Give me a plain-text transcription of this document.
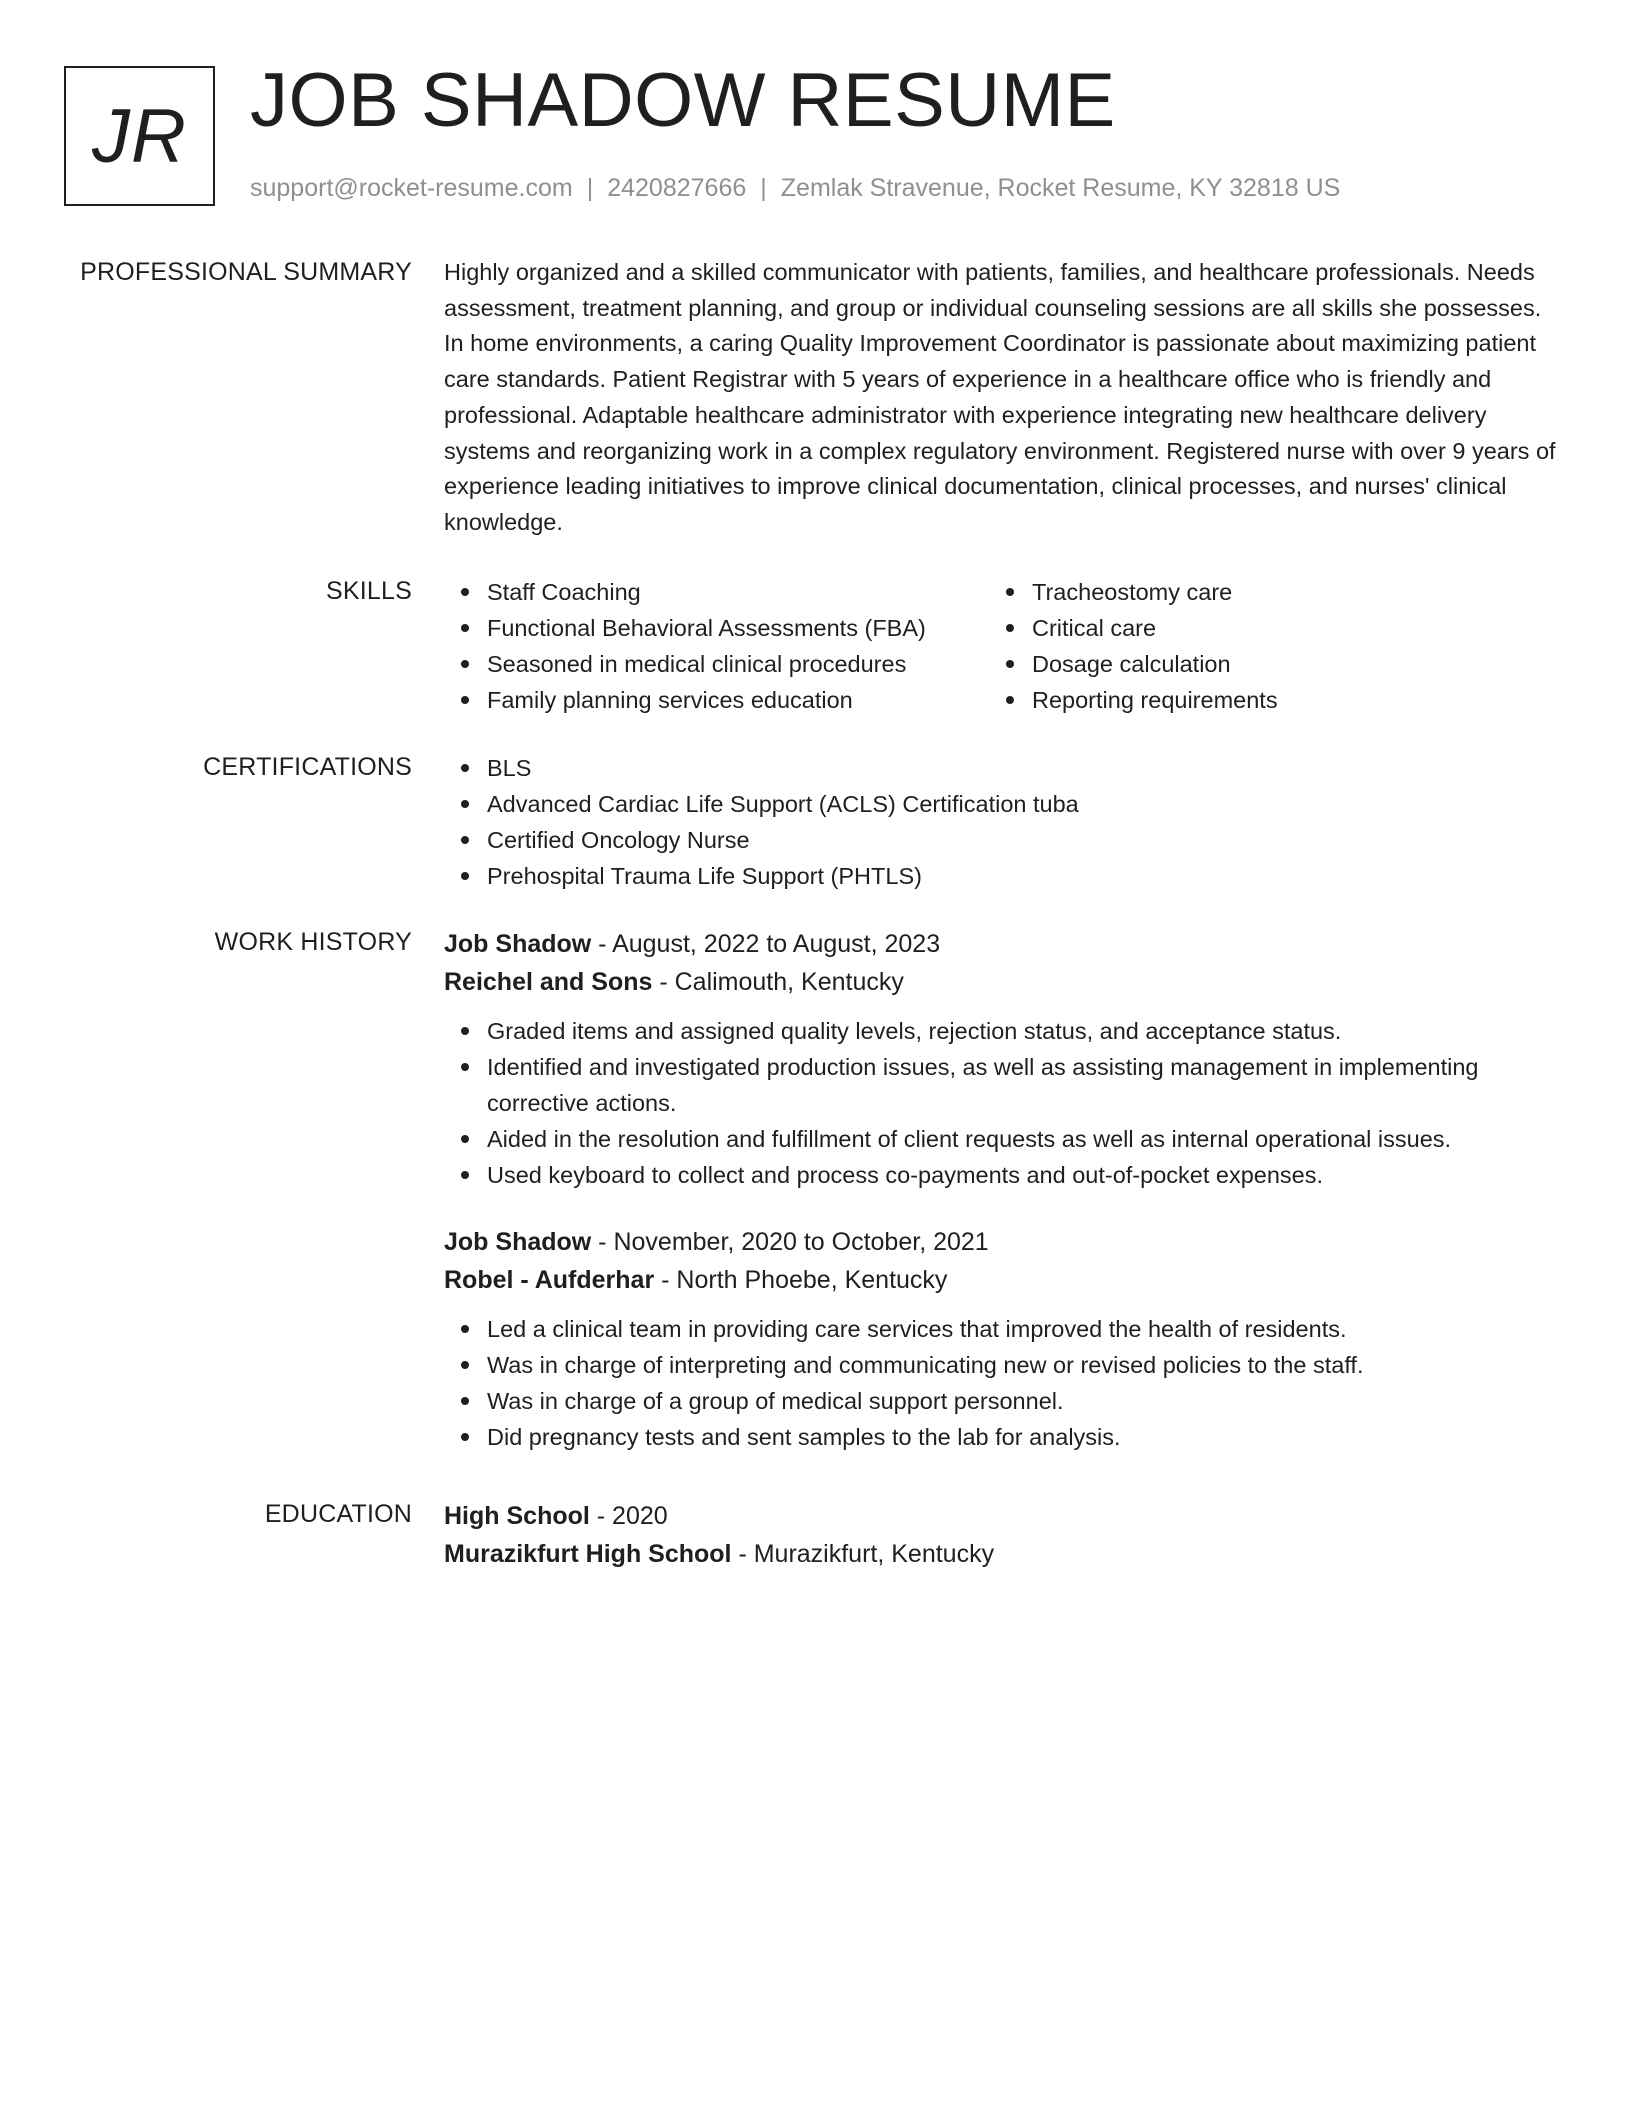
JR JOB SHADOW RESUME
support@rocket-resume.com | 2420827666 | Zemlak Stravenue, Rocket Resume, KY 32818 US
PROFESSIONAL SUMMARY Highly organized and a skilled communicator with patients, families, and healthcare professionals. Needs assessment, treatment planning, and group or individual counseling sessions are all skills she possesses. In home environments, a caring Quality Improvement Coordinator is passionate about maximizing patient care standards. Patient Registrar with 5 years of experience in a healthcare office who is friendly and professional. Adaptable healthcare administrator with experience integrating new healthcare delivery systems and reorganizing work in a complex regulatory environment. Registered nurse with over 9 years of experience leading initiatives to improve clinical documentation, clinical processes, and nurses' clinical knowledge.

SKILLS	Staff Coaching
Functional Behavioral Assessments (FBA)
Seasoned in medical clinical procedures
Family planning services education
Tracheostomy care
Critical care
Dosage calculation
Reporting requirements
CERTIFICATIONS	BLS
Advanced Cardiac Life Support (ACLS) Certification tuba
Certified Oncology Nurse
Prehospital Trauma Life Support (PHTLS)
WORK HISTORY Job Shadow - August, 2022 to August, 2023
Reichel and Sons - Calimouth, Kentucky
Graded items and assigned quality levels, rejection status, and acceptance status.
Identified and investigated production issues, as well as assisting management in implementing corrective actions.
Aided in the resolution and fulfillment of client requests as well as internal operational issues.
Used keyboard to collect and process co-payments and out-of-pocket expenses.
Job Shadow - November, 2020 to October, 2021
Robel - Aufderhar - North Phoebe, Kentucky
Led a clinical team in providing care services that improved the health of residents.
Was in charge of interpreting and communicating new or revised policies to the staff.
Was in charge of a group of medical support personnel.
Did pregnancy tests and sent samples to the lab for analysis.
EDUCATION High School - 2020
Murazikfurt High School - Murazikfurt, Kentucky
